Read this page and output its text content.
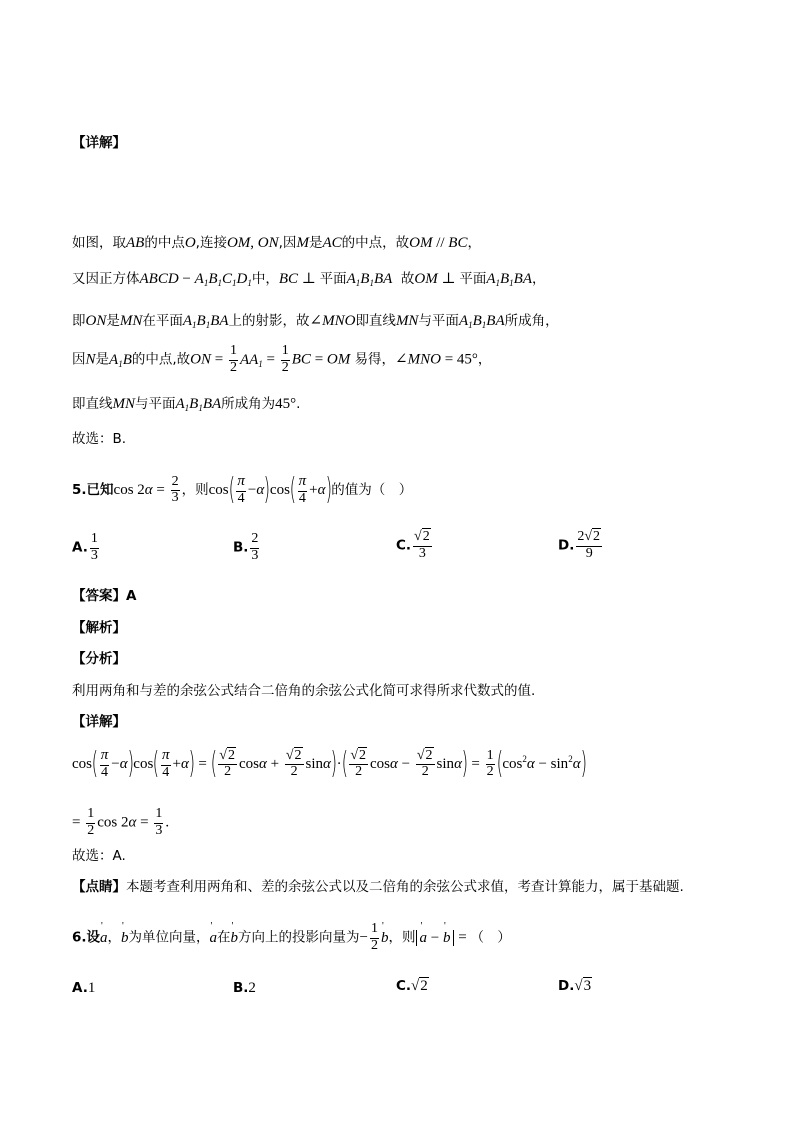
【详解】
如图，取AB的中点O,连接OM, ON,因M是AC的中点，故OM // BC，
又因正方体ABCD − $A_1B_1C_1D_1$中，BC ⊥ 平面$A_1B_1BA$ 故OM ⊥ 平面$A_1B_1BA$，
即ON是MN在平面$A_1B_1BA$上的射影，故∠MNO即直线MN与平面$A_1B_1BA$所成角，
因N是$A_1B$的中点,故ON = $\frac{1}{2} AA_1 = \frac{1}{2}$ BC = OM 易得，∠MNO = 45°，
即直线MN与平面$A_1B_1BA$所成角为45°.
故选：B.
5.已知$\cos 2\alpha = \frac{2}{3}$ ，则$\cos( \frac{\pi}{4} -\alpha)\cos( \frac{\pi}{4} +\alpha)$的值为（　）
A. $\frac{1}{3}$	B. $\frac{2}{3}$	C. $\frac{√2}{3}$	D. $\frac{2√2}{9}$
【答案】A
【解析】
【分析】
利用两角和与差的余弦公式结合二倍角的余弦公式化简可求得所求代数式的值.
【详解】
$\cos( \frac{\pi}{4} -\alpha)\cos( \frac{\pi}{4} +\alpha)$ = ( $\frac{√2}{2}$ $\cos\alpha + \frac{√2}{2} \sin\alpha)\cdot( \frac{√2}{2}$ $\cos\alpha - \frac{√2}{2} \sin\alpha) = \frac{1}{2} (\cos^2\alpha - \sin^2\alpha)$
= $\frac{1}{2}$ $\cos 2\alpha = \frac{1}{3}$ .
故选：A.
【点睛】本题考查利用两角和、差的余弦公式以及二倍角的余弦公式求值，考查计算能力，属于基础题.
6.设' a，' b为单位向量，' a在' b方向上的投影向量为− $\frac{1}{2}$ ' b，则 ' a − ' b = （　）
A.1	B.2	C.√2	D.√3
